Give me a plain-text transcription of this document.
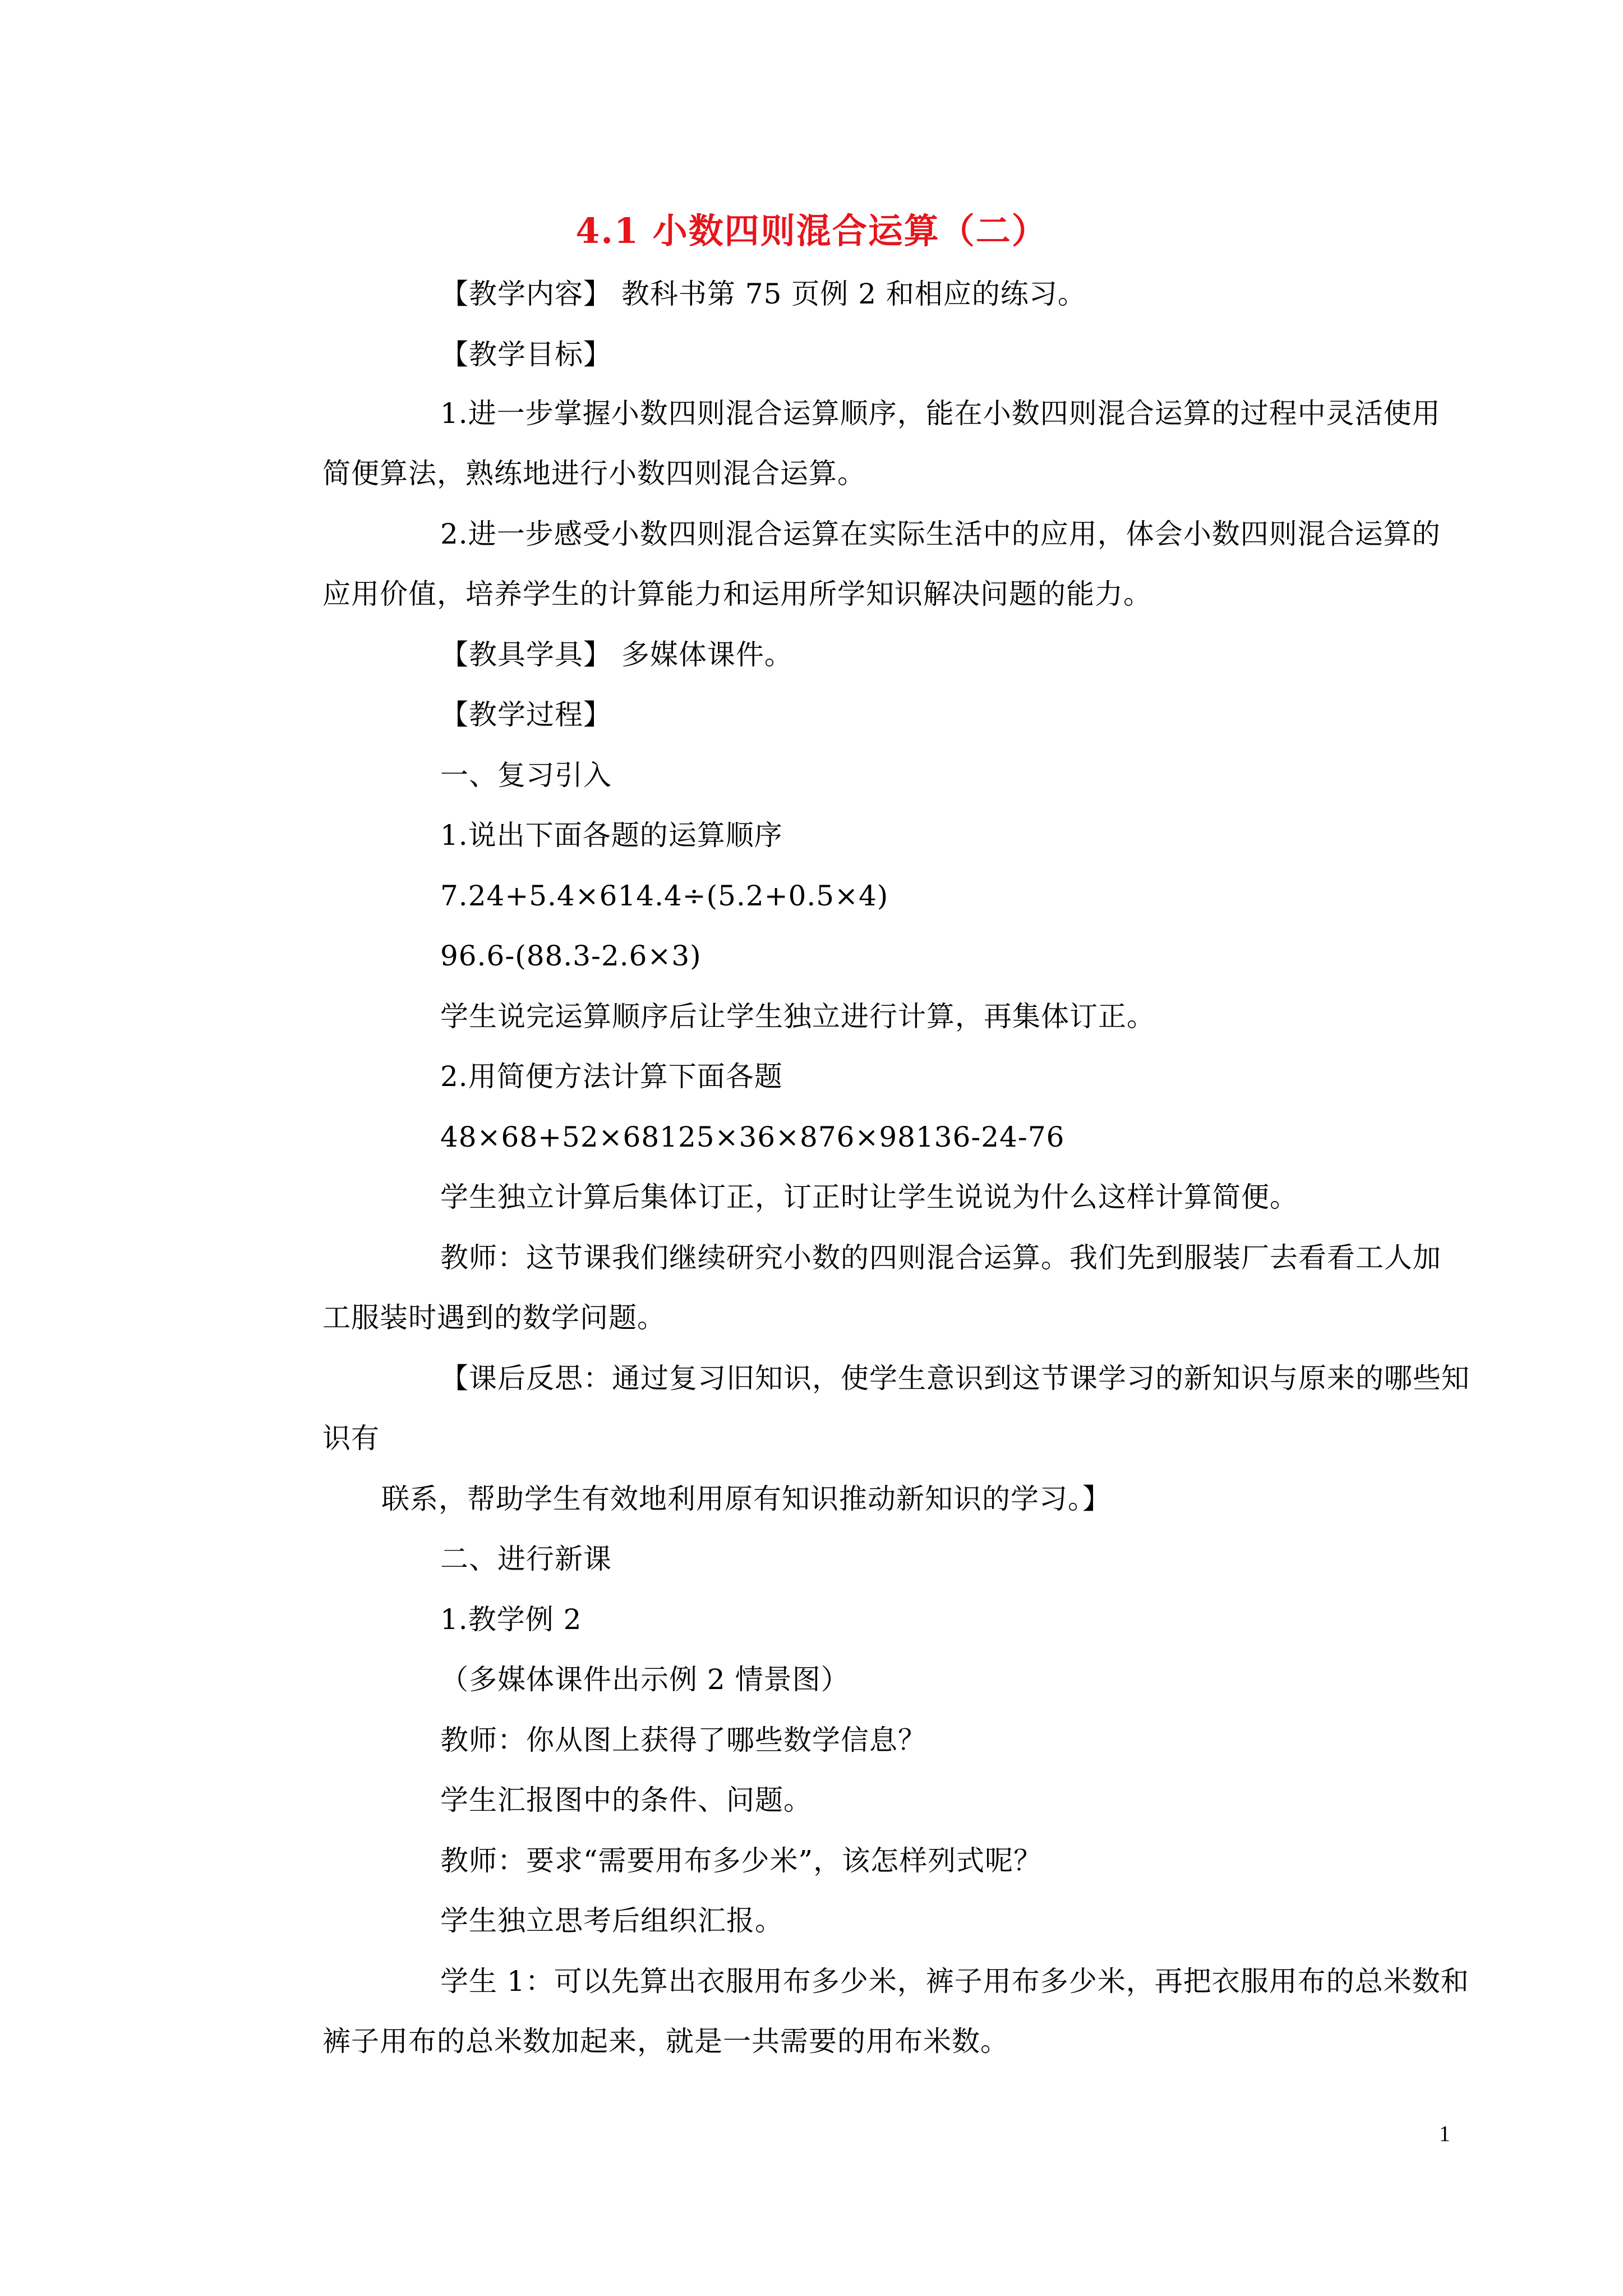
4.1 小数四则混合运算（二）
【教学内容】 教科书第 75 页例 2 和相应的练习。
【教学目标】
1.进一步掌握小数四则混合运算顺序，能在小数四则混合运算的过程中灵活使用
简便算法，熟练地进行小数四则混合运算。
2.进一步感受小数四则混合运算在实际生活中的应用，体会小数四则混合运算的
应用价值，培养学生的计算能力和运用所学知识解决问题的能力。
【教具学具】 多媒体课件。
【教学过程】
一、复习引入
1.说出下面各题的运算顺序
7.24+5.4×614.4÷(5.2+0.5×4)
96.6-(88.3-2.6×3)
学生说完运算顺序后让学生独立进行计算，再集体订正。
2.用简便方法计算下面各题
48×68+52×68125×36×876×98136-24-76
学生独立计算后集体订正，订正时让学生说说为什么这样计算简便。
教师：这节课我们继续研究小数的四则混合运算。我们先到服装厂去看看工人加
工服装时遇到的数学问题。
【课后反思：通过复习旧知识，使学生意识到这节课学习的新知识与原来的哪些知
识有
联系，帮助学生有效地利用原有知识推动新知识的学习。】
二、进行新课
1.教学例 2
（多媒体课件出示例 2 情景图）
教师：你从图上获得了哪些数学信息？
学生汇报图中的条件、问题。
教师：要求“需要用布多少米”，该怎样列式呢？
学生独立思考后组织汇报。
学生 1：可以先算出衣服用布多少米，裤子用布多少米，再把衣服用布的总米数和
裤子用布的总米数加起来，就是一共需要的用布米数。
1
